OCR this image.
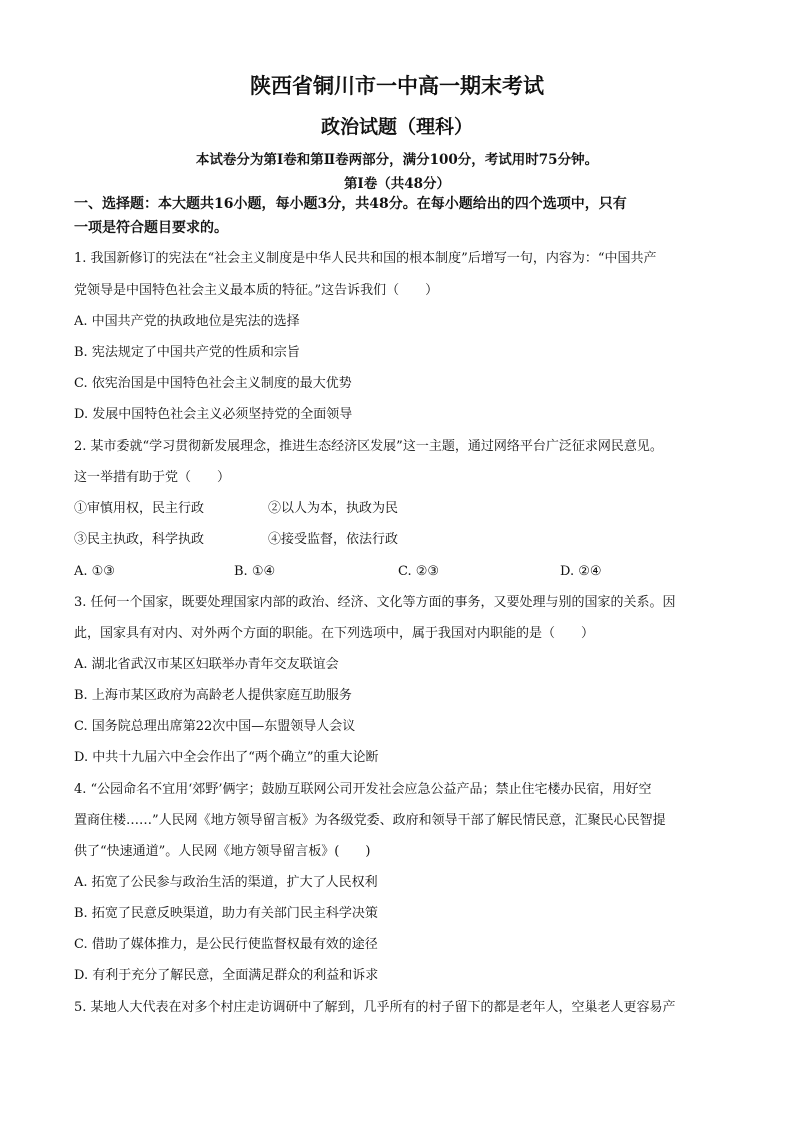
陕西省铜川市一中高一期末考试
政治试题（理科）
本试卷分为第Ⅰ卷和第Ⅱ卷两部分，满分100分，考试用时75分钟。
第Ⅰ卷（共48分）
一、选择题：本大题共16小题，每小题3分，共48分。在每小题给出的四个选项中，只有
一项是符合题目要求的。
1. 我国新修订的宪法在“社会主义制度是中华人民共和国的根本制度”后增写一句，内容为：“中国共产
党领导是中国特色社会主义最本质的特征。”这告诉我们（　　）
A. 中国共产党的执政地位是宪法的选择
B. 宪法规定了中国共产党的性质和宗旨
C. 依宪治国是中国特色社会主义制度的最大优势
D. 发展中国特色社会主义必须坚持党的全面领导
2. 某市委就“学习贯彻新发展理念，推进生态经济区发展”这一主题，通过网络平台广泛征求网民意见。
这一举措有助于党（　　）
①审慎用权，民主行政	②以人为本，执政为民
③民主执政，科学执政	④接受监督，依法行政
A. ①③	B. ①④	C. ②③	D. ②④
3. 任何一个国家，既要处理国家内部的政治、经济、文化等方面的事务，又要处理与别的国家的关系。因
此，国家具有对内、对外两个方面的职能。在下列选项中，属于我国对内职能的是（　　）
A. 湖北省武汉市某区妇联举办青年交友联谊会
B. 上海市某区政府为高龄老人提供家庭互助服务
C. 国务院总理出席第22次中国—东盟领导人会议
D. 中共十九届六中全会作出了“两个确立”的重大论断
4. “公园命名不宜用‘郊野’俩字；鼓励互联网公司开发社会应急公益产品；禁止住宅楼办民宿，用好空
置商住楼……”人民网《地方领导留言板》为各级党委、政府和领导干部了解民情民意，汇聚民心民智提
供了“快速通道”。人民网《地方领导留言板》(　　)
A. 拓宽了公民参与政治生活的渠道，扩大了人民权利
B. 拓宽了民意反映渠道，助力有关部门民主科学决策
C. 借助了媒体推力，是公民行使监督权最有效的途径
D. 有利于充分了解民意，全面满足群众的利益和诉求
5. 某地人大代表在对多个村庄走访调研中了解到，几乎所有的村子留下的都是老年人，空巢老人更容易产
